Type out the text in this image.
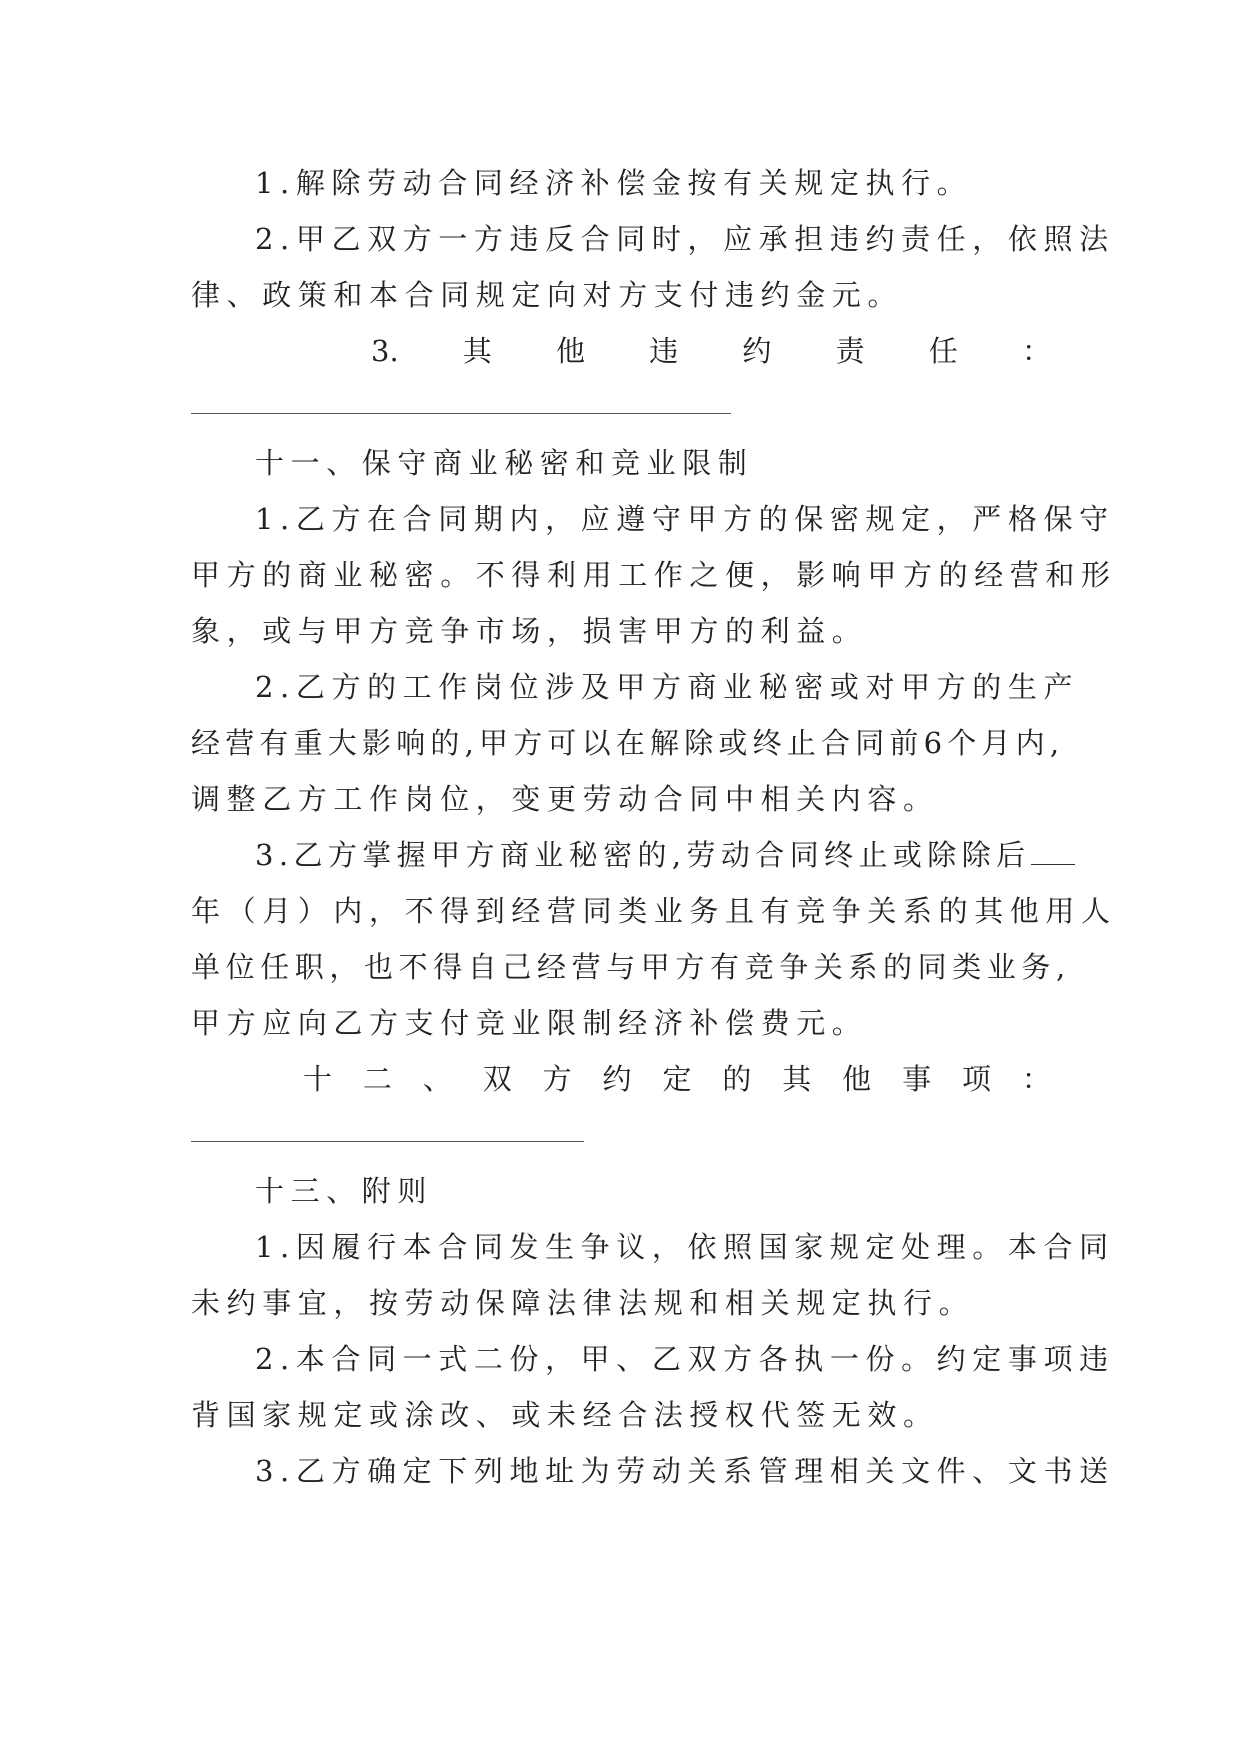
1.解除劳动合同经济补偿金按有关规定执行。
2.甲乙双方一方违反合同时，应承担违约责任，依照法
律、政策和本合同规定向对方支付违约金元。
3. 其 他 违 约 责 任 ：
十一、保守商业秘密和竞业限制
1.乙方在合同期内，应遵守甲方的保密规定，严格保守
甲方的商业秘密。不得利用工作之便，影响甲方的经营和形
象，或与甲方竞争市场，损害甲方的利益。
2.乙方的工作岗位涉及甲方商业秘密或对甲方的生产
经营有重大影响的,甲方可以在解除或终止合同前6个月内,
调整乙方工作岗位，变更劳动合同中相关内容。
3.乙方掌握甲方商业秘密的,劳动合同终止或除除后
年（月）内，不得到经营同类业务且有竞争关系的其他用人
单位任职，也不得自己经营与甲方有竞争关系的同类业务,
甲方应向乙方支付竞业限制经济补偿费元。
十 二 、 双 方 约 定 的 其 他 事 项 ：
十三、附则
1.因履行本合同发生争议，依照国家规定处理。本合同
未约事宜，按劳动保障法律法规和相关规定执行。
2.本合同一式二份，甲、乙双方各执一份。约定事项违
背国家规定或涂改、或未经合法授权代签无效。
3.乙方确定下列地址为劳动关系管理相关文件、文书送
